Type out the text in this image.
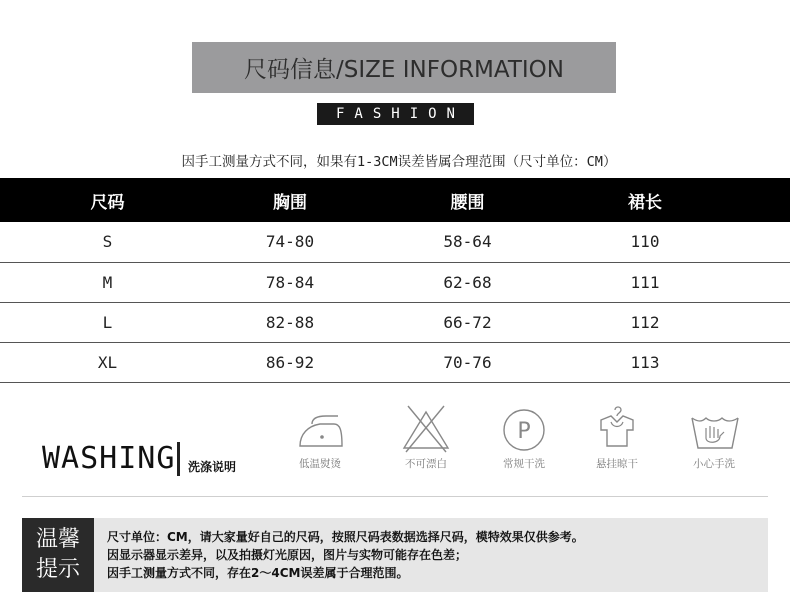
尺码信息/SIZE INFORMATION
FASHION
因手工测量方式不同，如果有1-3CM误差皆属合理范围（尺寸单位：CM）
尺码	胸围	腰围	裙长	
S	74-80	58-64	110	
M	78-84	62-68	111	
L	82-88	66-72	112	
XL	86-92	70-76	113	
WASHING 洗涤说明	低温熨烫	不可漂白
P
常规干洗	悬挂晾干	小心手洗
温馨
提示
尺寸单位：CM，请大家量好自己的尺码，按照尺码表数据选择尺码，模特效果仅供参考。
因显示器显示差异，以及拍摄灯光原因，图片与实物可能存在色差；
因手工测量方式不同，存在2～4CM误差属于合理范围。
